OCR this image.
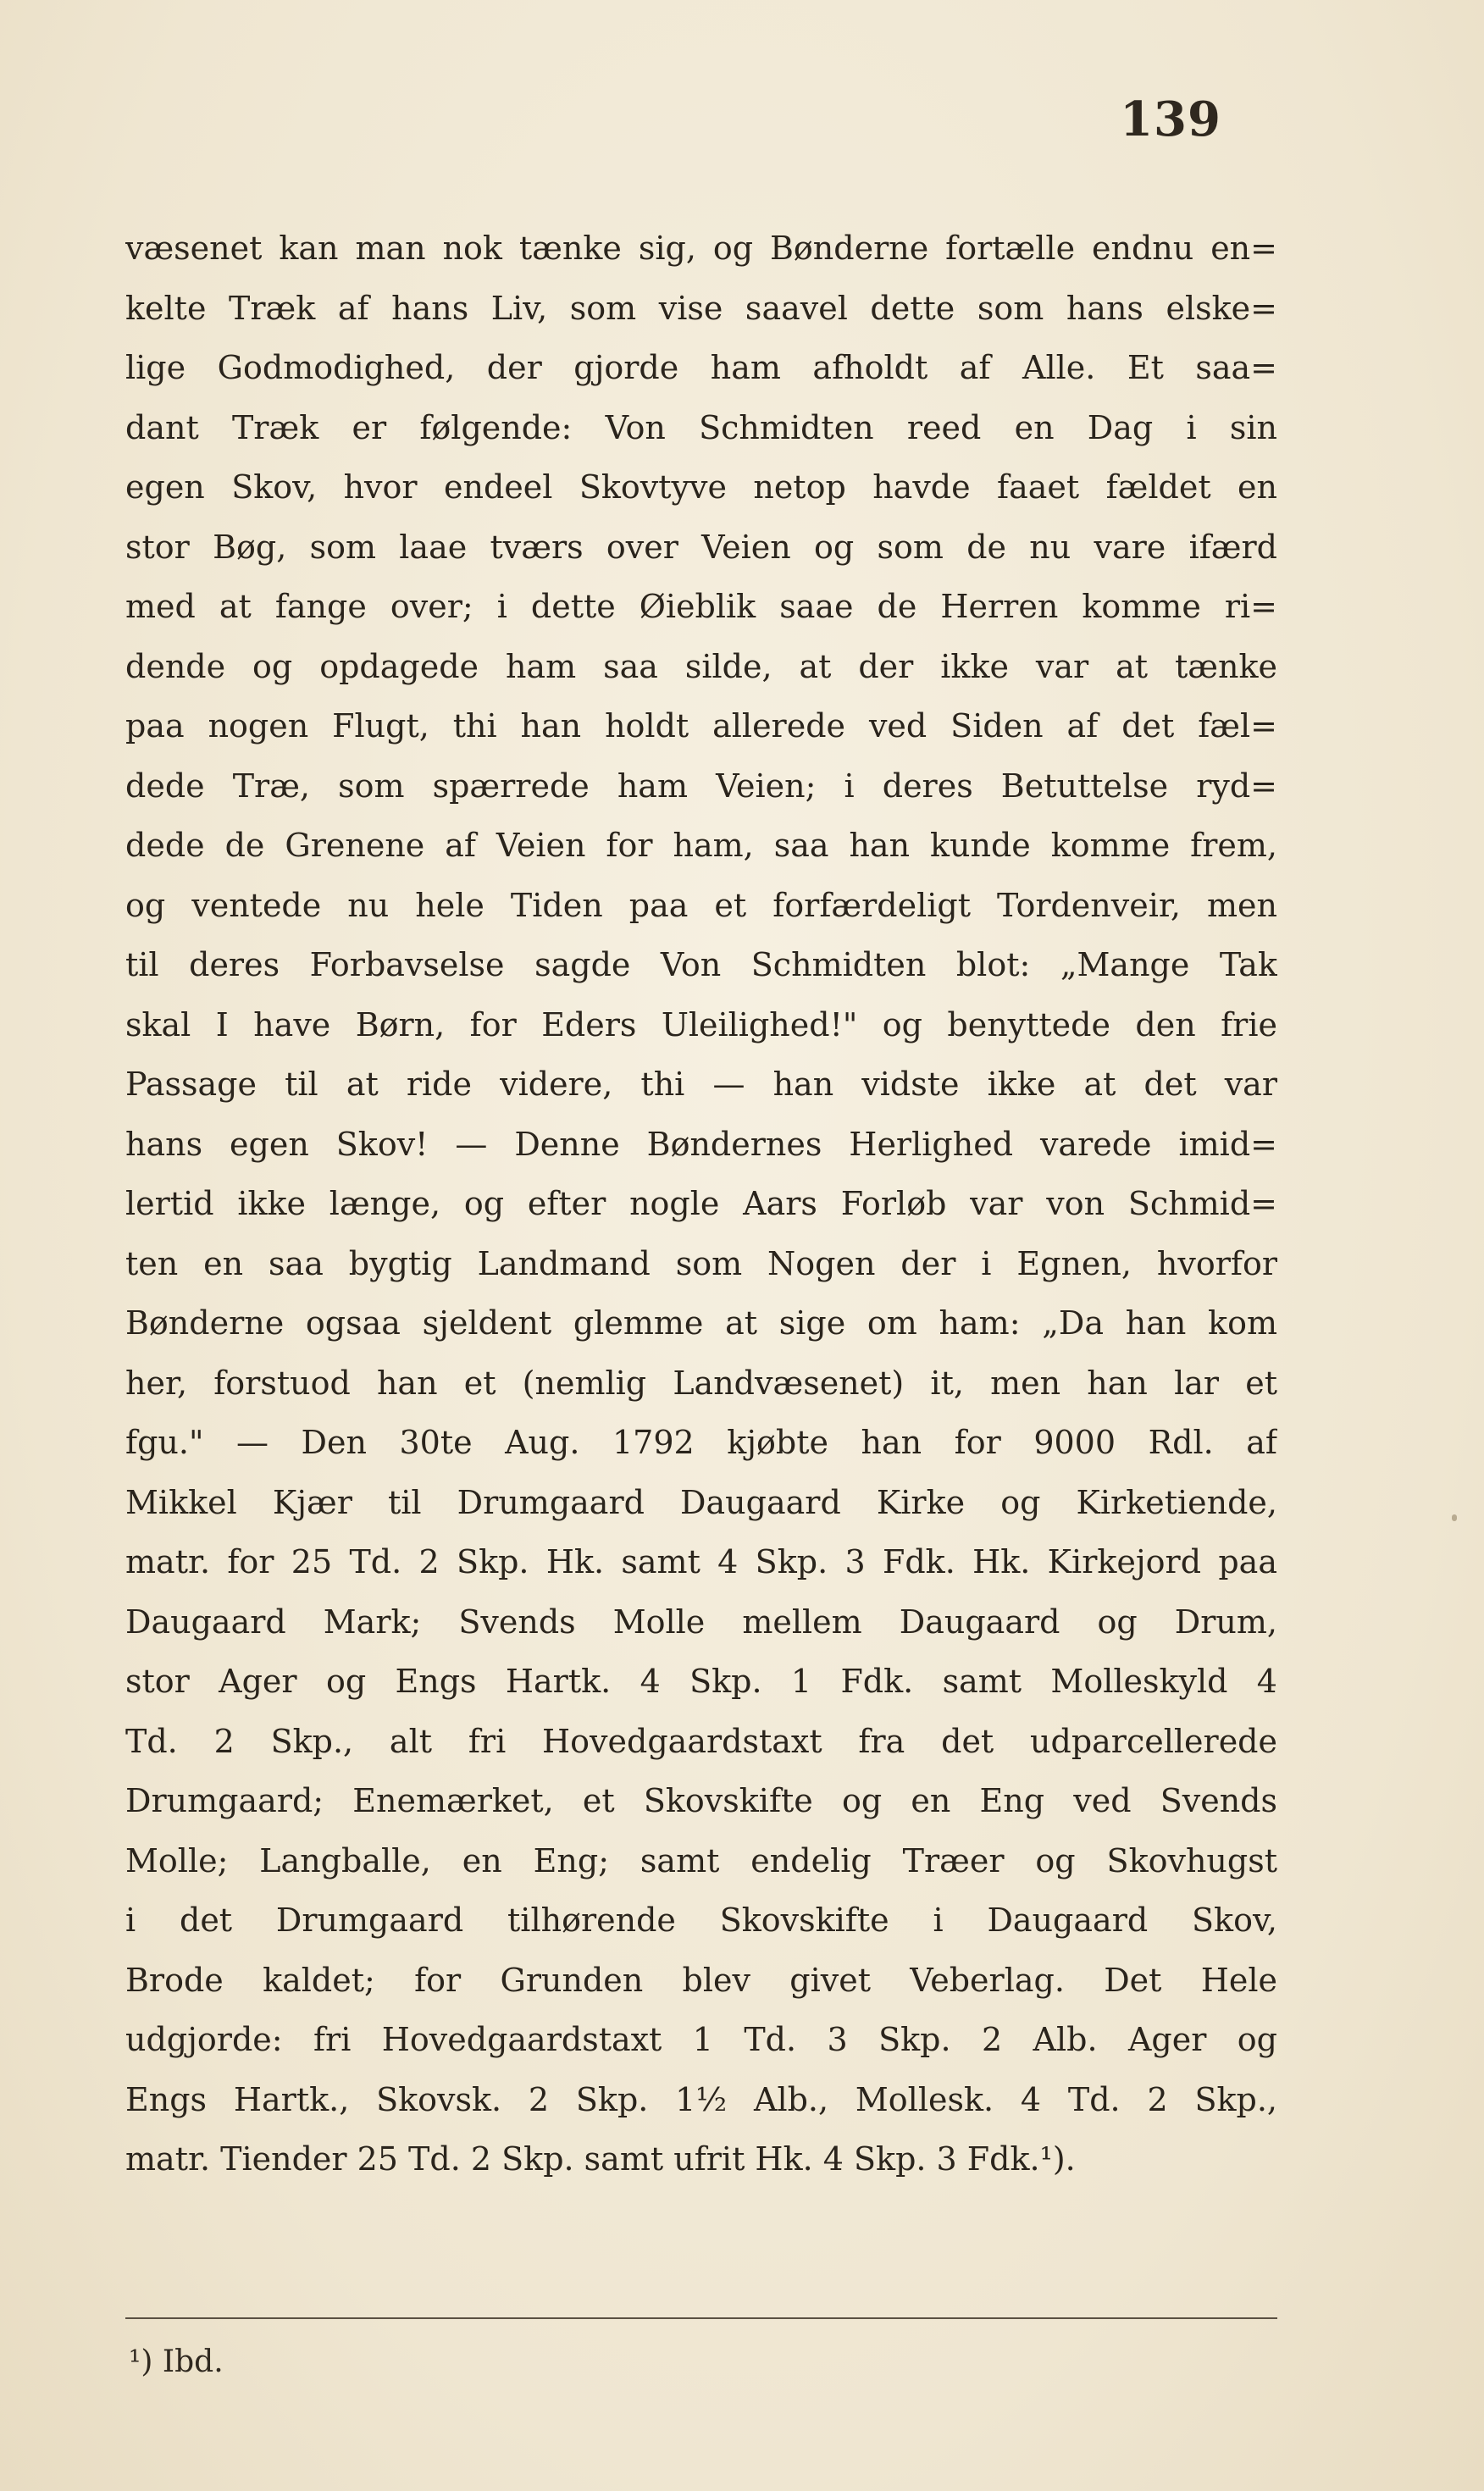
139
væsenet kan man nok tænke sig, og Bønderne fortælle endnu en=
kelte Træk af hans Liv, som vise saavel dette som hans elske=
lige Godmodighed, der gjorde ham afholdt af Alle. Et saa=
dant Træk er følgende: Von Schmidten reed en Dag i sin
egen Skov, hvor endeel Skovtyve netop havde faaet fældet en
stor Bøg, som laae tværs over Veien og som de nu vare ifærd
med at fange over; i dette Øieblik saae de Herren komme ri=
dende og opdagede ham saa silde, at der ikke var at tænke
paa nogen Flugt, thi han holdt allerede ved Siden af det fæl=
dede Træ, som spærrede ham Veien; i deres Betuttelse ryd=
dede de Grenene af Veien for ham, saa han kunde komme frem,
og ventede nu hele Tiden paa et forfærdeligt Tordenveir, men
til deres Forbavselse sagde Von Schmidten blot: „Mange Tak
skal I have Børn, for Eders Uleilighed!" og benyttede den frie
Passage til at ride videre, thi — han vidste ikke at det var
hans egen Skov! — Denne Bøndernes Herlighed varede imid=
lertid ikke længe, og efter nogle Aars Forløb var von Schmid=
ten en saa bygtig Landmand som Nogen der i Egnen, hvorfor
Bønderne ogsaa sjeldent glemme at sige om ham: „Da han kom
her, forstuod han et (nemlig Landvæsenet) it, men han lar et
fgu." — Den 30te Aug. 1792 kjøbte han for 9000 Rdl. af
Mikkel Kjær til Drumgaard Daugaard Kirke og Kirketiende,
matr. for 25 Td. 2 Skp. Hk. samt 4 Skp. 3 Fdk. Hk. Kirkejord paa
Daugaard Mark; Svends Molle mellem Daugaard og Drum,
stor Ager og Engs Hartk. 4 Skp. 1 Fdk. samt Molleskyld 4
Td. 2 Skp., alt fri Hovedgaardstaxt fra det udparcellerede
Drumgaard; Enemærket, et Skovskifte og en Eng ved Svends
Molle; Langballe, en Eng; samt endelig Træer og Skovhugst
i det Drumgaard tilhørende Skovskifte i Daugaard Skov,
Brode kaldet; for Grunden blev givet Veberlag. Det Hele
udgjorde: fri Hovedgaardstaxt 1 Td. 3 Skp. 2 Alb. Ager og
Engs Hartk., Skovsk. 2 Skp. 1½ Alb., Mollesk. 4 Td. 2 Skp.,
matr. Tiender 25 Td. 2 Skp. samt ufrit Hk. 4 Skp. 3 Fdk.¹).
¹) Ibd.
